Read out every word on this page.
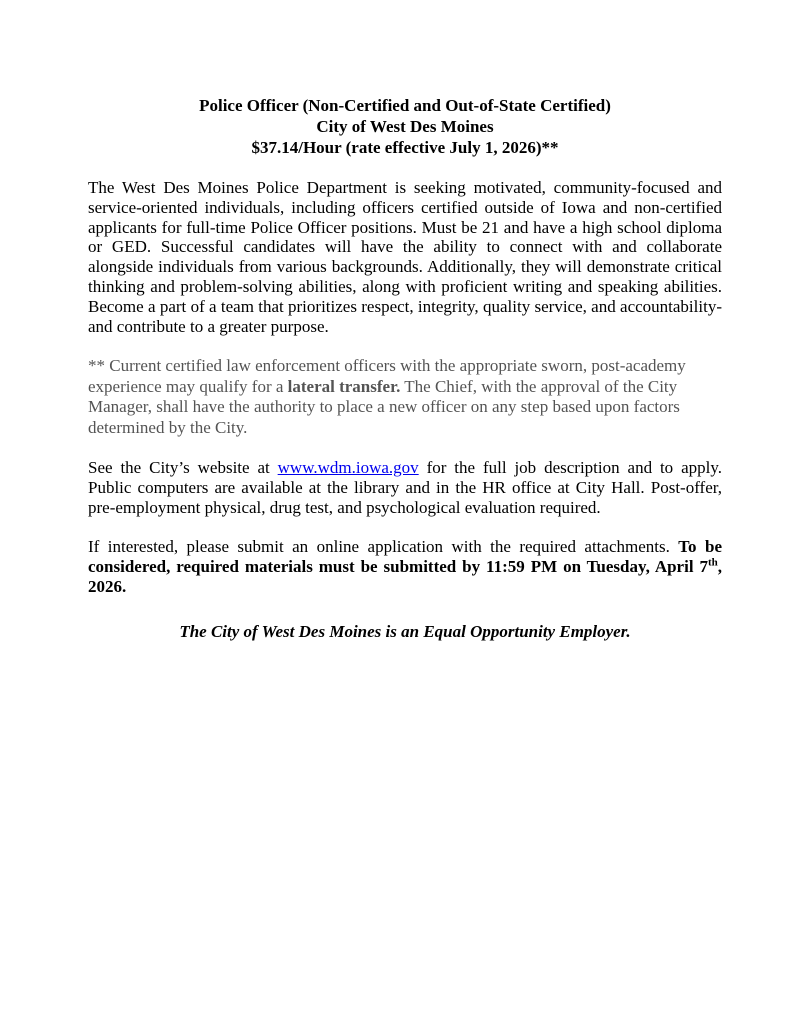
Police Officer (Non-Certified and Out-of-State Certified)
City of West Des Moines
$37.14/Hour (rate effective July 1, 2026)**

The West Des Moines Police Department is seeking motivated, community-focused and service-oriented individuals, including officers certified outside of Iowa and non-certified applicants for full-time Police Officer positions. Must be 21 and have a high school diploma or GED. Successful candidates will have the ability to connect with and collaborate alongside individuals from various backgrounds. Additionally, they will demonstrate critical thinking and problem-solving abilities, along with proficient writing and speaking abilities. Become a part of a team that prioritizes respect, integrity, quality service, and accountability- and contribute to a greater purpose.

** Current certified law enforcement officers with the appropriate sworn, post-academy experience may qualify for a lateral transfer. The Chief, with the approval of the City Manager, shall have the authority to place a new officer on any step based upon factors determined by the City.

See the City’s website at www.wdm.iowa.gov for the full job description and to apply. Public computers are available at the library and in the HR office at City Hall. Post-offer, pre-employment physical, drug test, and psychological evaluation required.

If interested, please submit an online application with the required attachments. To be considered, required materials must be submitted by 11:59 PM on Tuesday, April 7th, 2026.

The City of West Des Moines is an Equal Opportunity Employer.
